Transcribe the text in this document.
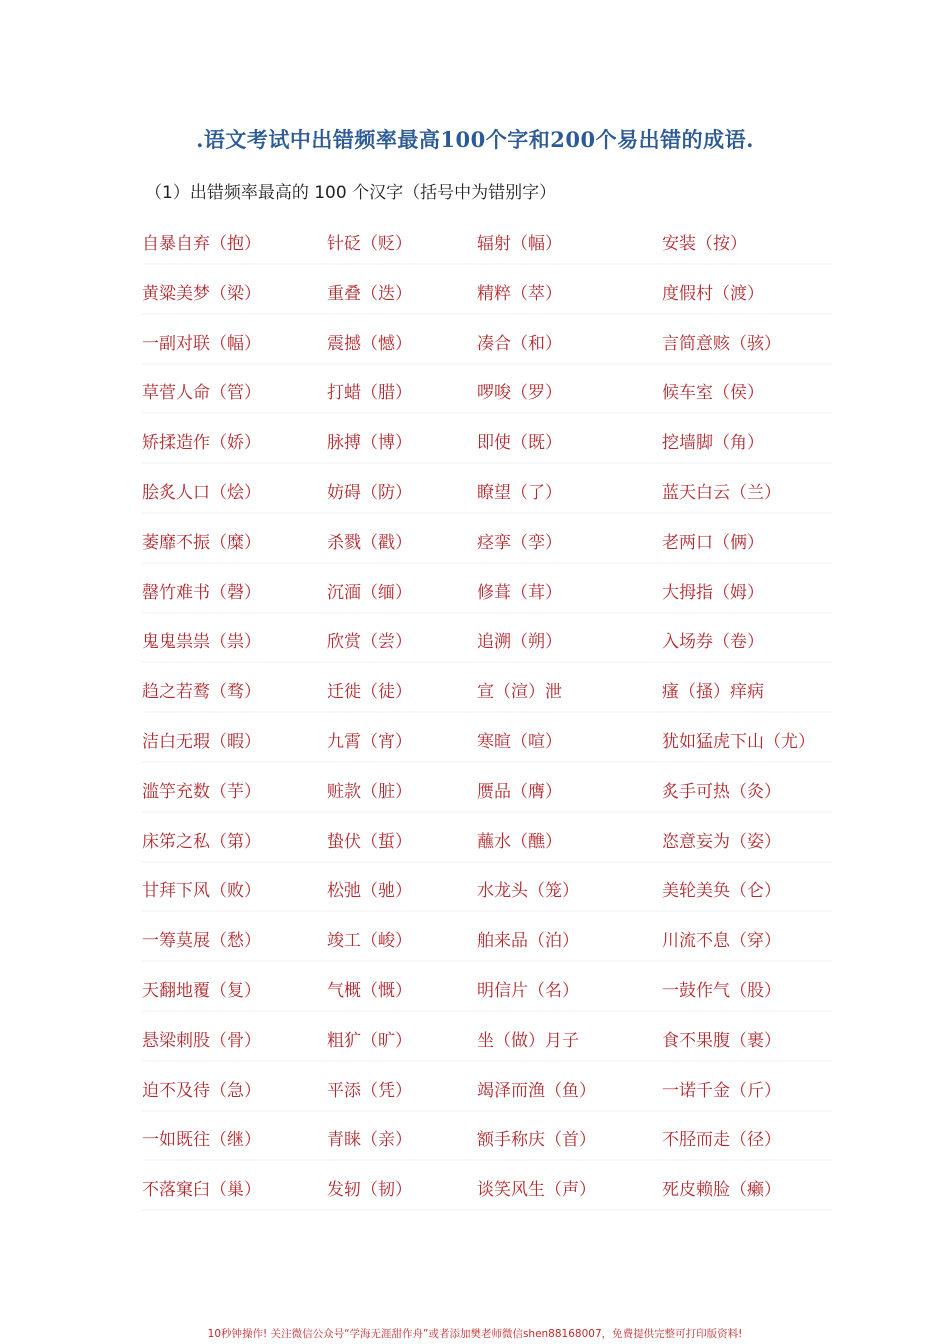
.语文考试中出错频率最高100个字和200个易出错的成语.
（1）出错频率最高的 100 个汉字（括号中为错别字）
自暴自弃（抱）	针砭（贬）	辐射（幅）	安装（按）
黄粱美梦（梁）	重叠（迭）	精粹（萃）	度假村（渡）
一副对联（幅）	震撼（憾）	凑合（和）	言简意赅（骇）
草菅人命（管）	打蜡（腊）	啰唆（罗）	候车室（侯）
矫揉造作（娇）	脉搏（博）	即使（既）	挖墙脚（角）
脍炙人口（烩）	妨碍（防）	瞭望（了）	蓝天白云（兰）
萎靡不振（糜）	杀戮（戳）	痉挛（孪）	老两口（俩）
罄竹难书（磬）	沉湎（缅）	修葺（茸）	大拇指（姆）
鬼鬼祟祟（祟）	欣赏（尝）	追溯（朔）	入场券（卷）
趋之若鹜（骛）	迁徙（徒）	宣（渲）泄	瘙（搔）痒病
洁白无瑕（暇）	九霄（宵）	寒暄（喧）	犹如猛虎下山（尤）
滥竽充数（芋）	赃款（脏）	赝品（膺）	炙手可热（灸）
床笫之私（第）	蛰伏（蜇）	蘸水（醮）	恣意妄为（姿）
甘拜下风（败）	松弛（驰）	水龙头（笼）	美轮美奂（仑）
一筹莫展（愁）	竣工（峻）	舶来品（泊）	川流不息（穿）
天翻地覆（复）	气概（慨）	明信片（名）	一鼓作气（股）
悬梁刺股（骨）	粗犷（旷）	坐（做）月子	食不果腹（裹）
迫不及待（急）	平添（凭）	竭泽而渔（鱼）	一诺千金（斤）
一如既往（继）	青睐（亲）	额手称庆（首）	不胫而走（径）
不落窠臼（巢）	发轫（韧）	谈笑风生（声）	死皮赖脸（癞）
10秒钟操作! 关注微信公众号“学海无涯甜作舟”或者添加樊老师微信shen88168007，免费提供完整可打印版资料!
